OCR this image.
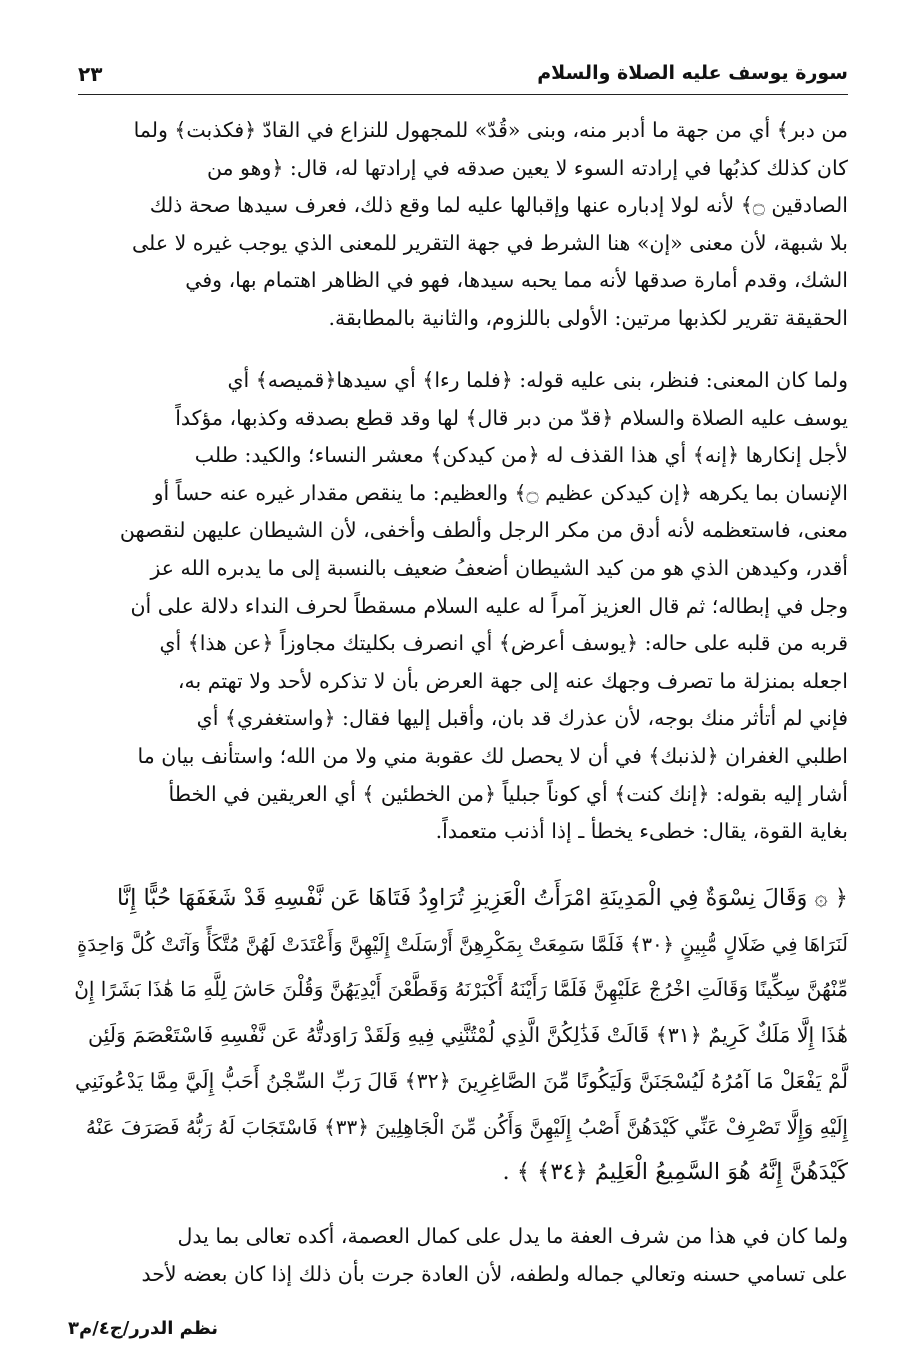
سورة يوسف عليه الصلاة والسلام
٢٣
من دبر﴾ أي من جهة ما أدبر منه، وبنى «قُدّ» للمجهول للنزاع في القادّ ﴿فكذبت﴾ ولما
كان كذلك كذبُها في إرادته السوء لا يعين صدقه في إرادتها له، قال: ﴿وهو من
الصادقين ۝﴾ لأنه لولا إدباره عنها وإقبالها عليه لما وقع ذلك، فعرف سيدها صحة ذلك
بلا شبهة، لأن معنى «إن» هنا الشرط في جهة التقرير للمعنى الذي يوجب غيره لا على
الشك، وقدم أمارة صدقها لأنه مما يحبه سيدها، فهو في الظاهر اهتمام بها، وفي
الحقيقة تقرير لكذبها مرتين: الأولى باللزوم، والثانية بالمطابقة.
ولما كان المعنى: فنظر، بنى عليه قوله: ﴿فلما رءا﴾ أي سيدها﴿قميصه﴾ أي
يوسف عليه الصلاة والسلام ﴿قدّ من دبر قال﴾ لها وقد قطع بصدقه وكذبها، مؤكداً
لأجل إنكارها ﴿إنه﴾ أي هذا القذف له ﴿من كيدكن﴾ معشر النساء؛ والكيد: طلب
الإنسان بما يكرهه ﴿إن كيدكن عظيم ۝﴾ والعظيم: ما ينقص مقدار غيره عنه حساً أو
معنى، فاستعظمه لأنه أدق من مكر الرجل وألطف وأخفى، لأن الشيطان عليهن لنقصهن
أقدر، وكيدهن الذي هو من كيد الشيطان أضعفُ ضعيف بالنسبة إلى ما يدبره الله عز
وجل في إبطاله؛ ثم قال العزيز آمراً له عليه السلام مسقطاً لحرف النداء دلالة على أن
قربه من قلبه على حاله: ﴿يوسف أعرض﴾ أي انصرف بكليتك مجاوزاً ﴿عن هذا﴾ أي
اجعله بمنزلة ما تصرف وجهك عنه إلى جهة العرض بأن لا تذكره لأحد ولا تهتم به،
فإني لم أتأثر منك بوجه، لأن عذرك قد بان، وأقبل إليها فقال: ﴿واستغفري﴾ أي
اطلبي الغفران ﴿لذنبك﴾ في أن لا يحصل لك عقوبة مني ولا من الله؛ واستأنف بيان ما
أشار إليه بقوله: ﴿إنك كنت﴾ أي كوناً جبلياً ﴿من الخطئين ﴾ أي العريقين في الخطأ
بغاية القوة، يقال: خطىء يخطأ ـ إذا أذنب متعمداً.
﴿ ۞ وَقَالَ نِسْوَةٌ فِي الْمَدِينَةِ امْرَأَتُ الْعَزِيزِ تُرَاوِدُ فَتَاهَا عَن نَّفْسِهِ قَدْ شَغَفَهَا حُبًّا إِنَّا
لَنَرَاهَا فِي ضَلَالٍ مُّبِينٍ ﴿٣٠﴾ فَلَمَّا سَمِعَتْ بِمَكْرِهِنَّ أَرْسَلَتْ إِلَيْهِنَّ وَأَعْتَدَتْ لَهُنَّ مُتَّكَأً وَآتَتْ كُلَّ وَاحِدَةٍ
مِّنْهُنَّ سِكِّينًا وَقَالَتِ اخْرُجْ عَلَيْهِنَّ فَلَمَّا رَأَيْنَهُ أَكْبَرْنَهُ وَقَطَّعْنَ أَيْدِيَهُنَّ وَقُلْنَ حَاشَ لِلَّهِ مَا هَٰذَا بَشَرًا إِنْ
هَٰذَا إِلَّا مَلَكٌ كَرِيمٌ ﴿٣١﴾ قَالَتْ فَذَٰلِكُنَّ الَّذِي لُمْتُنَّنِي فِيهِ وَلَقَدْ رَاوَدتُّهُ عَن نَّفْسِهِ فَاسْتَعْصَمَ وَلَئِن
لَّمْ يَفْعَلْ مَا آمُرُهُ لَيُسْجَنَنَّ وَلَيَكُونًا مِّنَ الصَّاغِرِينَ ﴿٣٢﴾ قَالَ رَبِّ السِّجْنُ أَحَبُّ إِلَيَّ مِمَّا يَدْعُونَنِي
إِلَيْهِ وَإِلَّا تَصْرِفْ عَنِّي كَيْدَهُنَّ أَصْبُ إِلَيْهِنَّ وَأَكُن مِّنَ الْجَاهِلِينَ ﴿٣٣﴾ فَاسْتَجَابَ لَهُ رَبُّهُ فَصَرَفَ عَنْهُ
كَيْدَهُنَّ إِنَّهُ هُوَ السَّمِيعُ الْعَلِيمُ ﴿٣٤﴾ ﴾ .
ولما كان في هذا من شرف العفة ما يدل على كمال العصمة، أكده تعالى بما يدل
على تسامي حسنه وتعالي جماله ولطفه، لأن العادة جرت بأن ذلك إذا كان بعضه لأحد
نظم الدرر/ج٤/م٣
